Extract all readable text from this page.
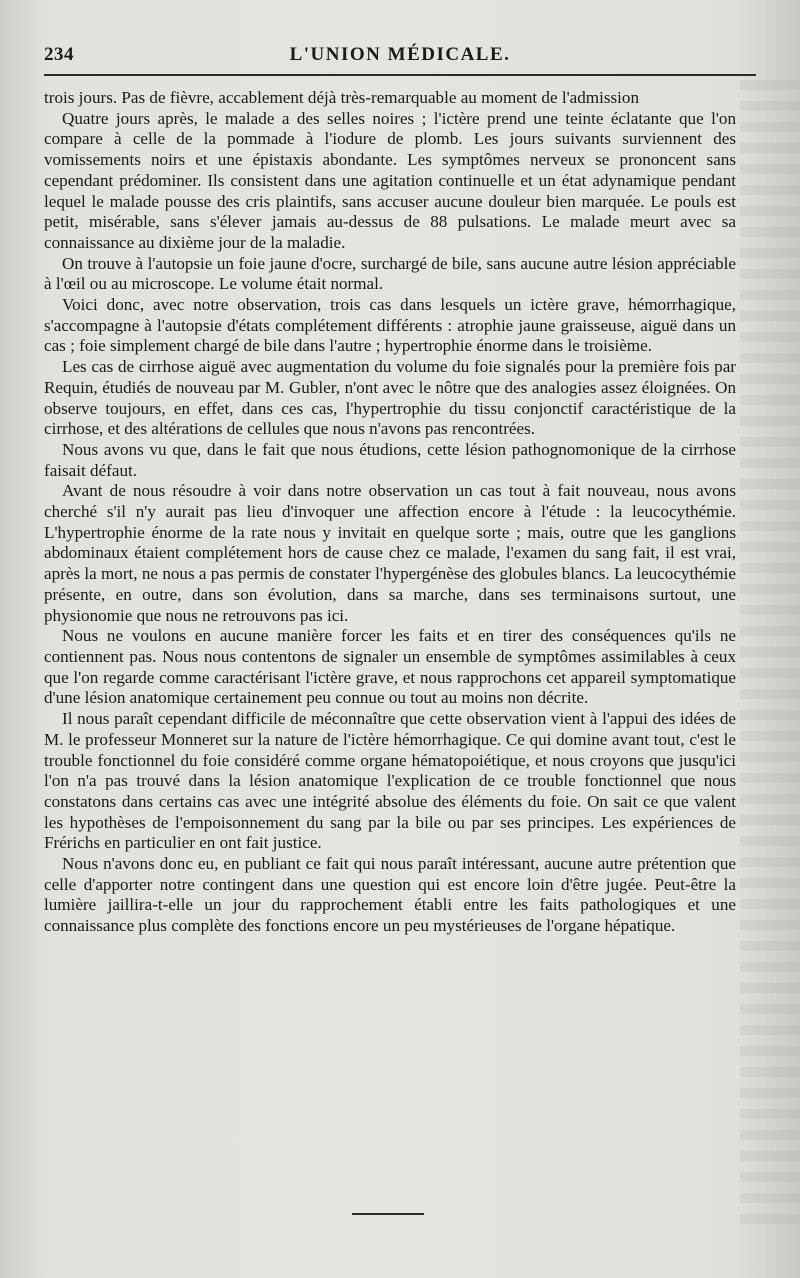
234	L'UNION MÉDICALE.

trois jours. Pas de fièvre, accablement déjà très-remarquable au moment de l'admission

Quatre jours après, le malade a des selles noires ; l'ictère prend une teinte éclatante que l'on compare à celle de la pommade à l'iodure de plomb. Les jours suivants surviennent des vomissements noirs et une épistaxis abondante. Les symptômes nerveux se prononcent sans cependant prédominer. Ils consistent dans une agitation continuelle et un état adynamique pendant lequel le malade pousse des cris plaintifs, sans accuser aucune douleur bien marquée. Le pouls est petit, misérable, sans s'élever jamais au-dessus de 88 pulsations. Le malade meurt avec sa connaissance au dixième jour de la maladie.

On trouve à l'autopsie un foie jaune d'ocre, surchargé de bile, sans aucune autre lésion appréciable à l'œil ou au microscope. Le volume était normal.

Voici donc, avec notre observation, trois cas dans lesquels un ictère grave, hémorrhagique, s'accompagne à l'autopsie d'états complétement différents : atrophie jaune graisseuse, aiguë dans un cas ; foie simplement chargé de bile dans l'autre ; hypertrophie énorme dans le troisième.

Les cas de cirrhose aiguë avec augmentation du volume du foie signalés pour la première fois par Requin, étudiés de nouveau par M. Gubler, n'ont avec le nôtre que des analogies assez éloignées. On observe toujours, en effet, dans ces cas, l'hypertrophie du tissu conjonctif caractéristique de la cirrhose, et des altérations de cellules que nous n'avons pas rencontrées.

Nous avons vu que, dans le fait que nous étudions, cette lésion pathognomonique de la cirrhose faisait défaut.

Avant de nous résoudre à voir dans notre observation un cas tout à fait nouveau, nous avons cherché s'il n'y aurait pas lieu d'invoquer une affection encore à l'étude : la leucocythémie. L'hypertrophie énorme de la rate nous y invitait en quelque sorte ; mais, outre que les ganglions abdominaux étaient complétement hors de cause chez ce malade, l'examen du sang fait, il est vrai, après la mort, ne nous a pas permis de constater l'hypergénèse des globules blancs. La leucocythémie présente, en outre, dans son évolution, dans sa marche, dans ses terminaisons surtout, une physionomie que nous ne retrouvons pas ici.

Nous ne voulons en aucune manière forcer les faits et en tirer des conséquences qu'ils ne contiennent pas. Nous nous contentons de signaler un ensemble de symptômes assimilables à ceux que l'on regarde comme caractérisant l'ictère grave, et nous rapprochons cet appareil symptomatique d'une lésion anatomique certainement peu connue ou tout au moins non décrite.

Il nous paraît cependant difficile de méconnaître que cette observation vient à l'appui des idées de M. le professeur Monneret sur la nature de l'ictère hémorrhagique. Ce qui domine avant tout, c'est le trouble fonctionnel du foie considéré comme organe hématopoiétique, et nous croyons que jusqu'ici l'on n'a pas trouvé dans la lésion anatomique l'explication de ce trouble fonctionnel que nous constatons dans certains cas avec une intégrité absolue des éléments du foie. On sait ce que valent les hypothèses de l'empoisonnement du sang par la bile ou par ses principes. Les expériences de Frérichs en particulier en ont fait justice.

Nous n'avons donc eu, en publiant ce fait qui nous paraît intéressant, aucune autre prétention que celle d'apporter notre contingent dans une question qui est encore loin d'être jugée. Peut-être la lumière jaillira-t-elle un jour du rapprochement établi entre les faits pathologiques et une connaissance plus complète des fonctions encore un peu mystérieuses de l'organe hépatique.
